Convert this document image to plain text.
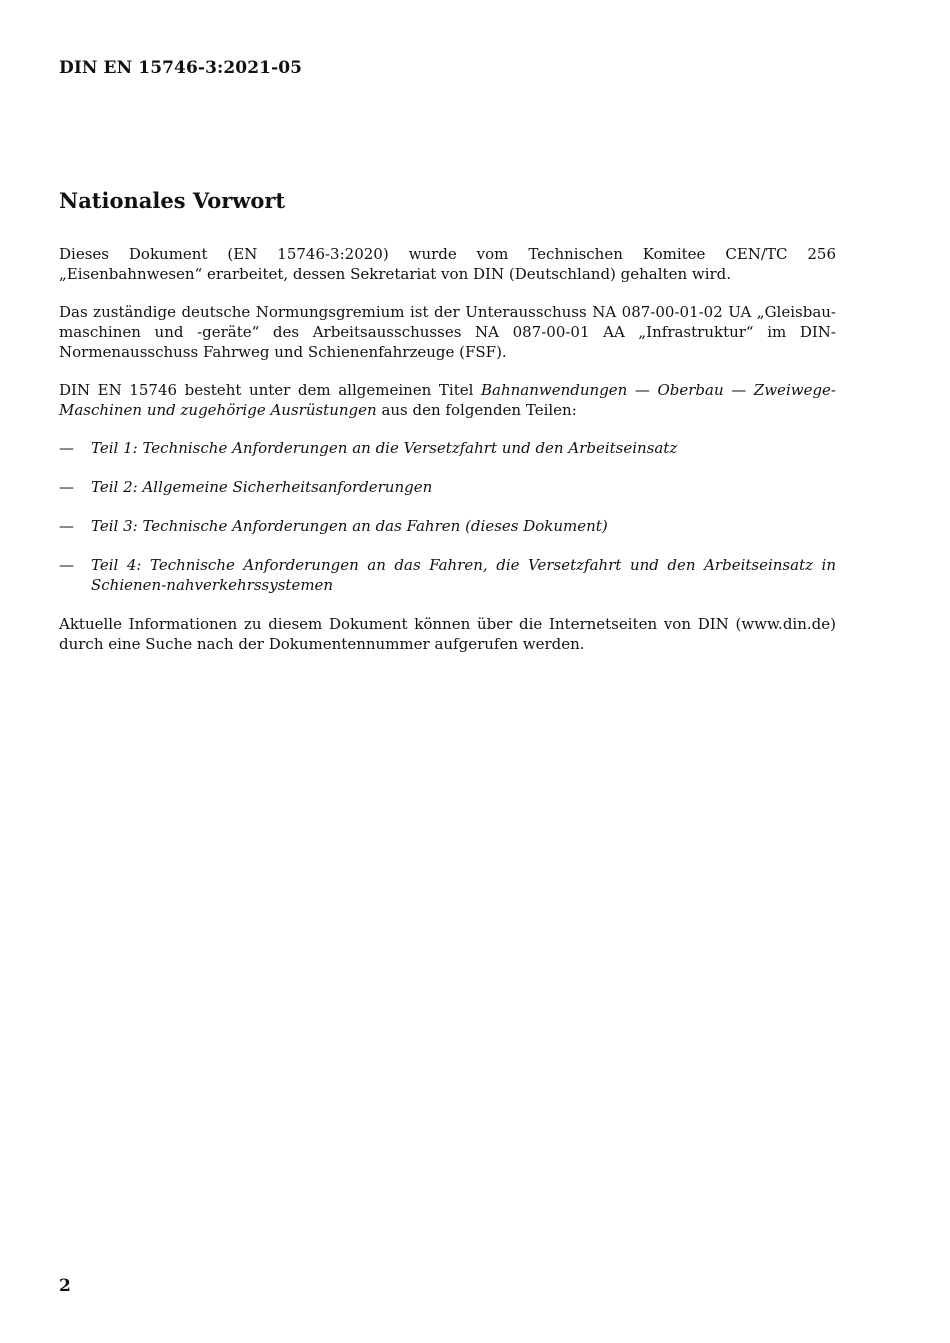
DIN EN 15746-3:2021-05

Nationales Vorwort

Dieses Dokument (EN 15746-3:2020) wurde vom Technischen Komitee CEN/TC 256 „Eisenbahnwesen“ erarbeitet, dessen Sekretariat von DIN (Deutschland) gehalten wird.

Das zuständige deutsche Normungsgremium ist der Unterausschuss NA 087-00-01-02 UA „Gleisbau-maschinen und -geräte“ des Arbeitsausschusses NA 087-00-01 AA „Infrastruktur“ im DIN-Normenausschuss Fahrweg und Schienenfahrzeuge (FSF).

DIN EN 15746 besteht unter dem allgemeinen Titel Bahnanwendungen — Oberbau — Zweiwege-Maschinen und zugehörige Ausrüstungen aus den folgenden Teilen:

— Teil 1: Technische Anforderungen an die Versetzfahrt und den Arbeitseinsatz
— Teil 2: Allgemeine Sicherheitsanforderungen
— Teil 3: Technische Anforderungen an das Fahren (dieses Dokument)
— Teil 4: Technische Anforderungen an das Fahren, die Versetzfahrt und den Arbeitseinsatz in Schienen-nahverkehrssystemen

Aktuelle Informationen zu diesem Dokument können über die Internetseiten von DIN (www.din.de) durch eine Suche nach der Dokumentennummer aufgerufen werden.

2
